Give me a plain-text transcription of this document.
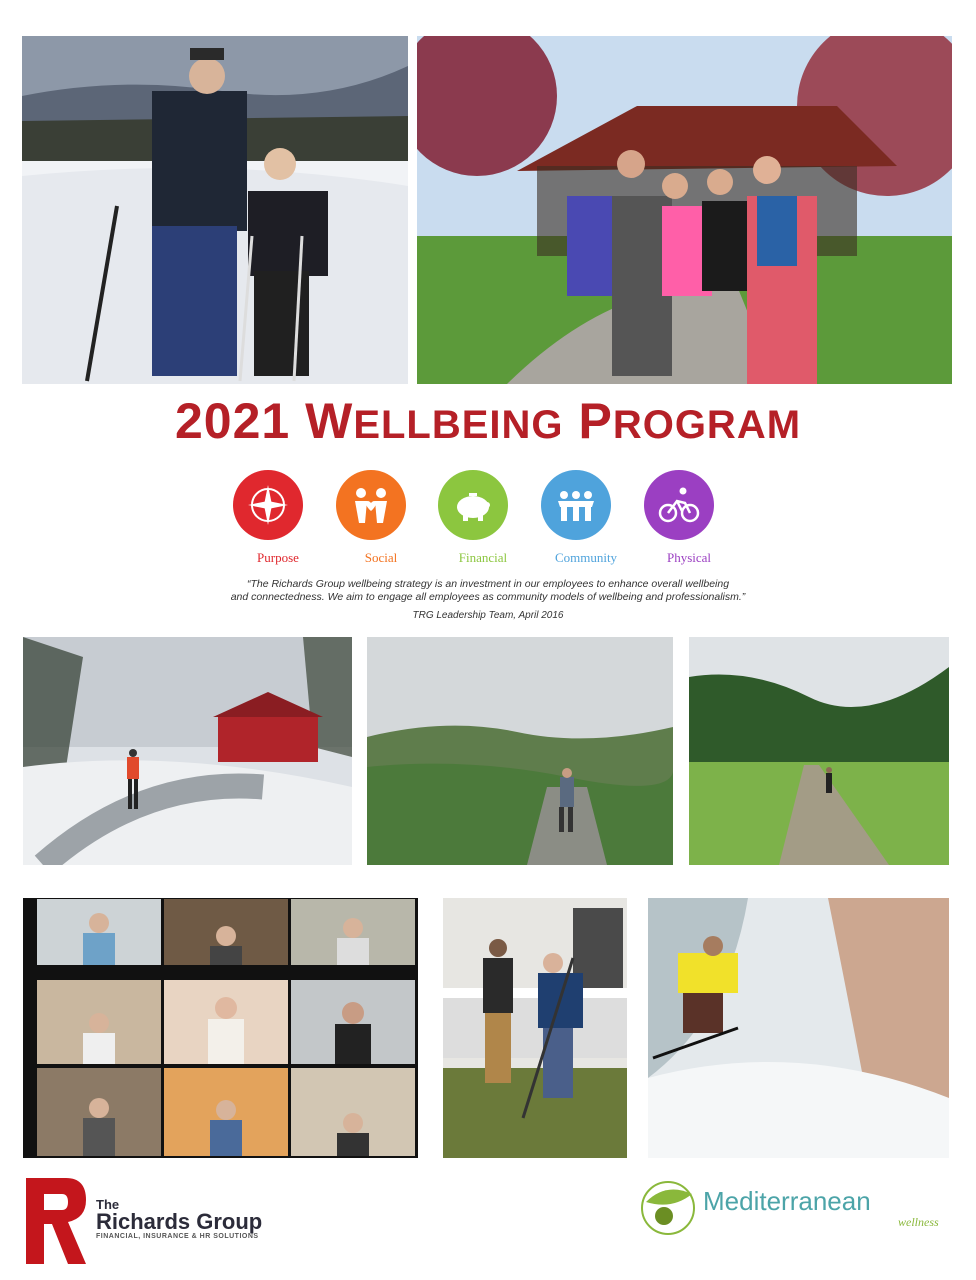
2021 WELLBEING PROGRAM
Purpose	Social	Financial	Community	Physical
“The Richards Group wellbeing strategy is an investment in our employees to enhance overall wellbeing
and connectedness. We aim to engage all employees as community models of wellbeing and professionalism.”
TRG Leadership Team, April 2016
The
Richards Group
FINANCIAL, INSURANCE & HR SOLUTIONS
Mediterranean
wellness
